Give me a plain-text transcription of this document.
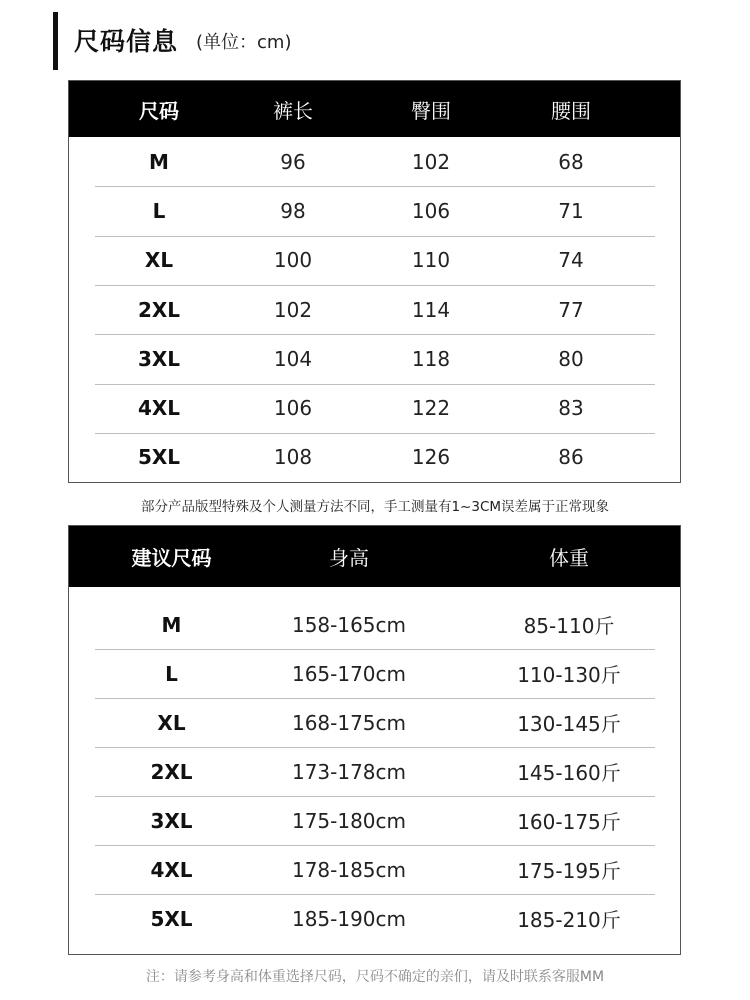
尺码信息 (单位：cm)
尺码	裤长	臀围	腰围
M	96	102	68
L	98	106	71
XL	100	110	74
2XL	102	114	77
3XL	104	118	80
4XL	106	122	83
5XL	108	126	86
部分产品版型特殊及个人测量方法不同，手工测量有1~3CM误差属于正常现象
建议尺码	身高	体重
M	158-165cm	85-110斤
L	165-170cm	110-130斤
XL	168-175cm	130-145斤
2XL	173-178cm	145-160斤
3XL	175-180cm	160-175斤
4XL	178-185cm	175-195斤
5XL	185-190cm	185-210斤
注：请参考身高和体重选择尺码，尺码不确定的亲们，请及时联系客服MM
